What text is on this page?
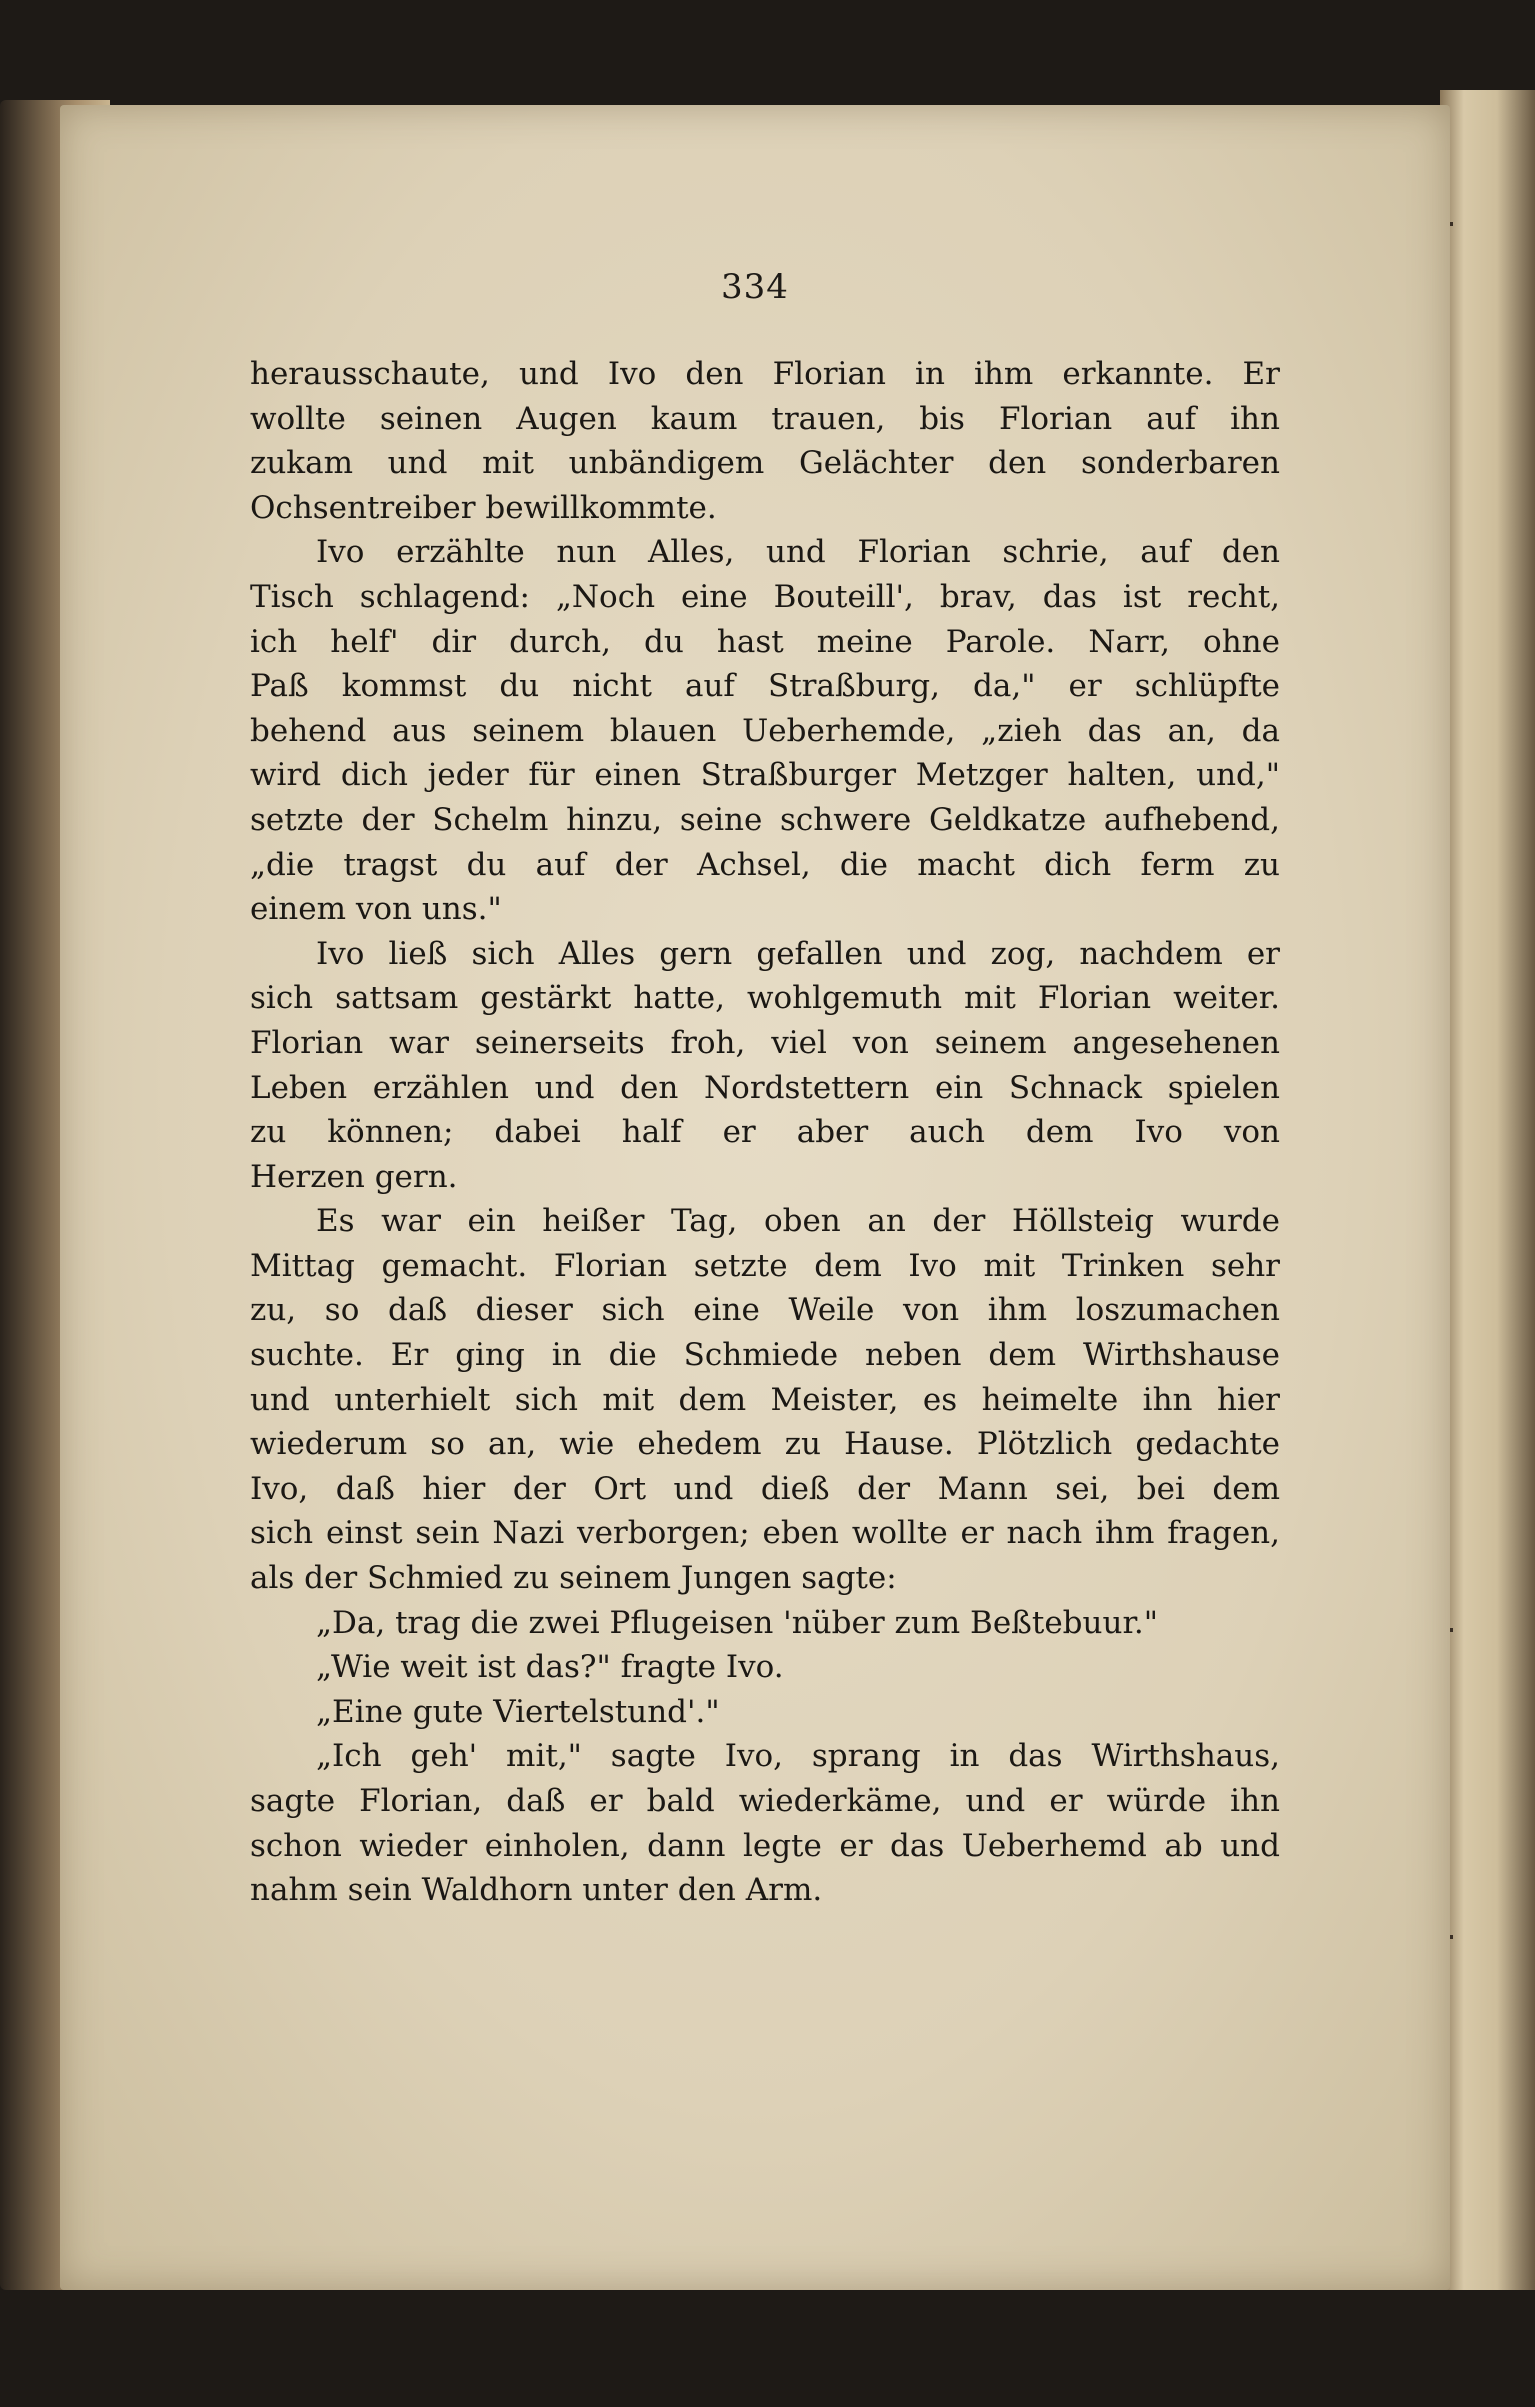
334
herausschaute, und Ivo den Florian in ihm erkannte. Er
wollte seinen Augen kaum trauen, bis Florian auf ihn
zukam und mit unbändigem Gelächter den sonderbaren
Ochsentreiber bewillkommte.
Ivo erzählte nun Alles, und Florian schrie, auf den
Tisch schlagend: „Noch eine Bouteill', brav, das ist recht,
ich helf' dir durch, du hast meine Parole. Narr, ohne
Paß kommst du nicht auf Straßburg, da," er schlüpfte
behend aus seinem blauen Ueberhemde, „zieh das an, da
wird dich jeder für einen Straßburger Metzger halten, und,"
setzte der Schelm hinzu, seine schwere Geldkatze aufhebend,
„die tragst du auf der Achsel, die macht dich ferm zu
einem von uns."
Ivo ließ sich Alles gern gefallen und zog, nachdem er
sich sattsam gestärkt hatte, wohlgemuth mit Florian weiter.
Florian war seinerseits froh, viel von seinem angesehenen
Leben erzählen und den Nordstettern ein Schnack spielen
zu können; dabei half er aber auch dem Ivo von
Herzen gern.
Es war ein heißer Tag, oben an der Höllsteig wurde
Mittag gemacht. Florian setzte dem Ivo mit Trinken sehr
zu, so daß dieser sich eine Weile von ihm loszumachen
suchte. Er ging in die Schmiede neben dem Wirthshause
und unterhielt sich mit dem Meister, es heimelte ihn hier
wiederum so an, wie ehedem zu Hause. Plötzlich gedachte
Ivo, daß hier der Ort und dieß der Mann sei, bei dem
sich einst sein Nazi verborgen; eben wollte er nach ihm fragen,
als der Schmied zu seinem Jungen sagte:
„Da, trag die zwei Pflugeisen 'nüber zum Beßtebuur."
„Wie weit ist das?" fragte Ivo.
„Eine gute Viertelstund'."
„Ich geh' mit," sagte Ivo, sprang in das Wirthshaus,
sagte Florian, daß er bald wiederkäme, und er würde ihn
schon wieder einholen, dann legte er das Ueberhemd ab und
nahm sein Waldhorn unter den Arm.
